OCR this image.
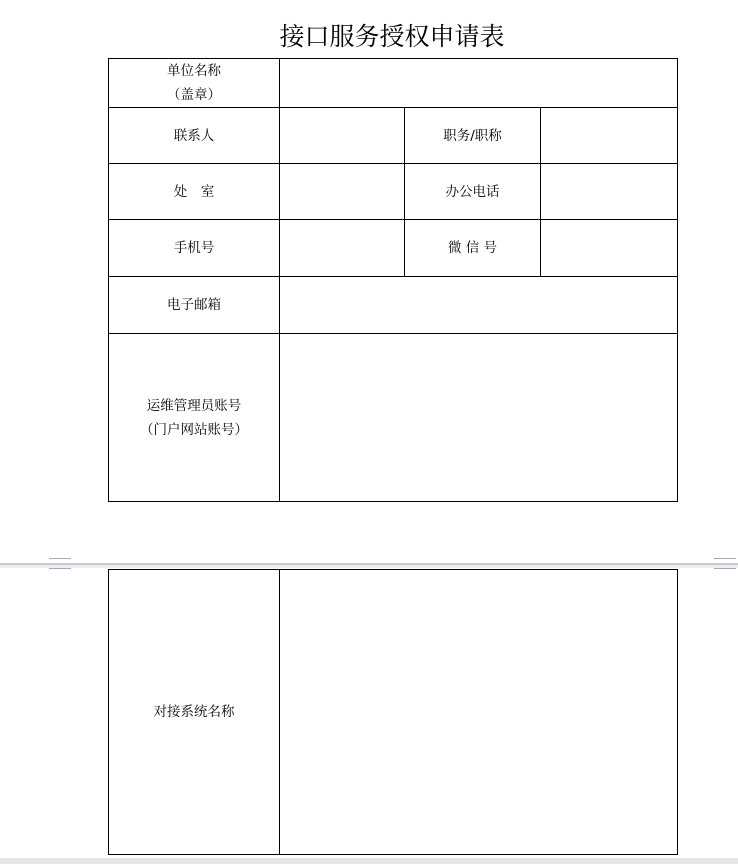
接口服务授权申请表
单位名称
（盖章）			

联系人		职务/职称	
处　室		办公电话	
手机号		微 信 号	
电子邮箱			

运维管理员账号
（门户网站账号）			

对接系统名称	
